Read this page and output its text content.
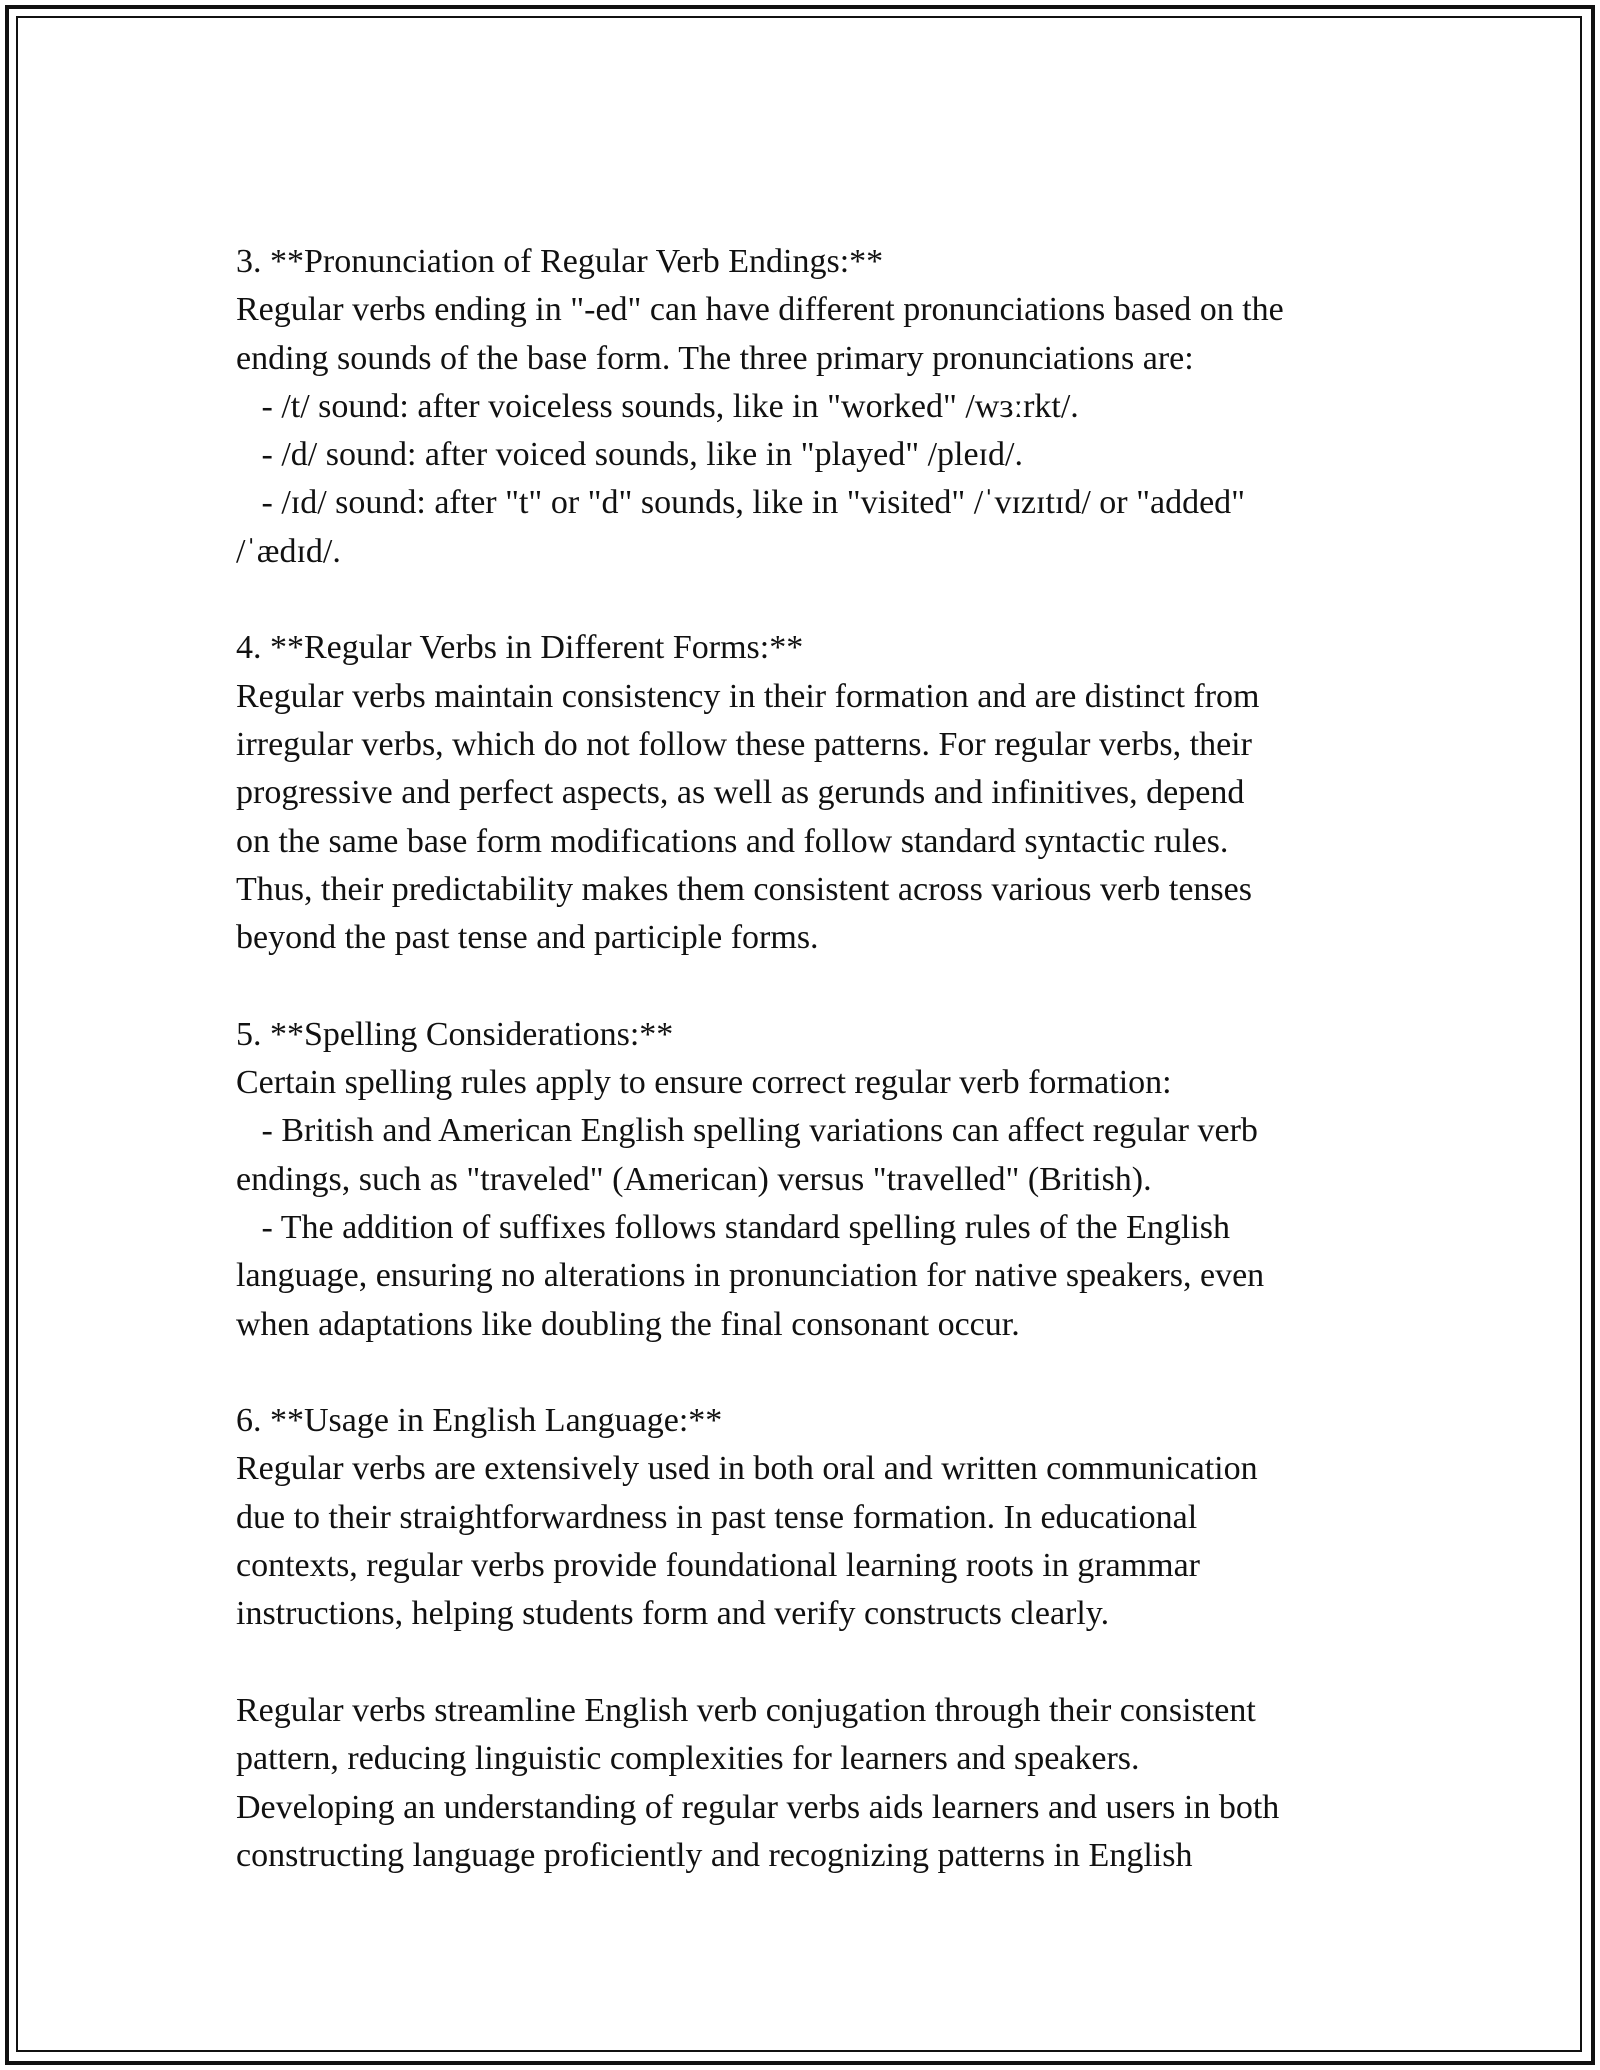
3. **Pronunciation of Regular Verb Endings:**
Regular verbs ending in "-ed" can have different pronunciations based on the
ending sounds of the base form. The three primary pronunciations are:
- /t/ sound: after voiceless sounds, like in "worked" /wɜːrkt/.
- /d/ sound: after voiced sounds, like in "played" /pleɪd/.
- /ɪd/ sound: after "t" or "d" sounds, like in "visited" /ˈvɪzɪtɪd/ or "added"
/ˈædɪd/.
4. **Regular Verbs in Different Forms:**
Regular verbs maintain consistency in their formation and are distinct from
irregular verbs, which do not follow these patterns. For regular verbs, their
progressive and perfect aspects, as well as gerunds and infinitives, depend
on the same base form modifications and follow standard syntactic rules.
Thus, their predictability makes them consistent across various verb tenses
beyond the past tense and participle forms.
5. **Spelling Considerations:**
Certain spelling rules apply to ensure correct regular verb formation:
- British and American English spelling variations can affect regular verb
endings, such as "traveled" (American) versus "travelled" (British).
- The addition of suffixes follows standard spelling rules of the English
language, ensuring no alterations in pronunciation for native speakers, even
when adaptations like doubling the final consonant occur.
6. **Usage in English Language:**
Regular verbs are extensively used in both oral and written communication
due to their straightforwardness in past tense formation. In educational
contexts, regular verbs provide foundational learning roots in grammar
instructions, helping students form and verify constructs clearly.
Regular verbs streamline English verb conjugation through their consistent
pattern, reducing linguistic complexities for learners and speakers.
Developing an understanding of regular verbs aids learners and users in both
constructing language proficiently and recognizing patterns in English
